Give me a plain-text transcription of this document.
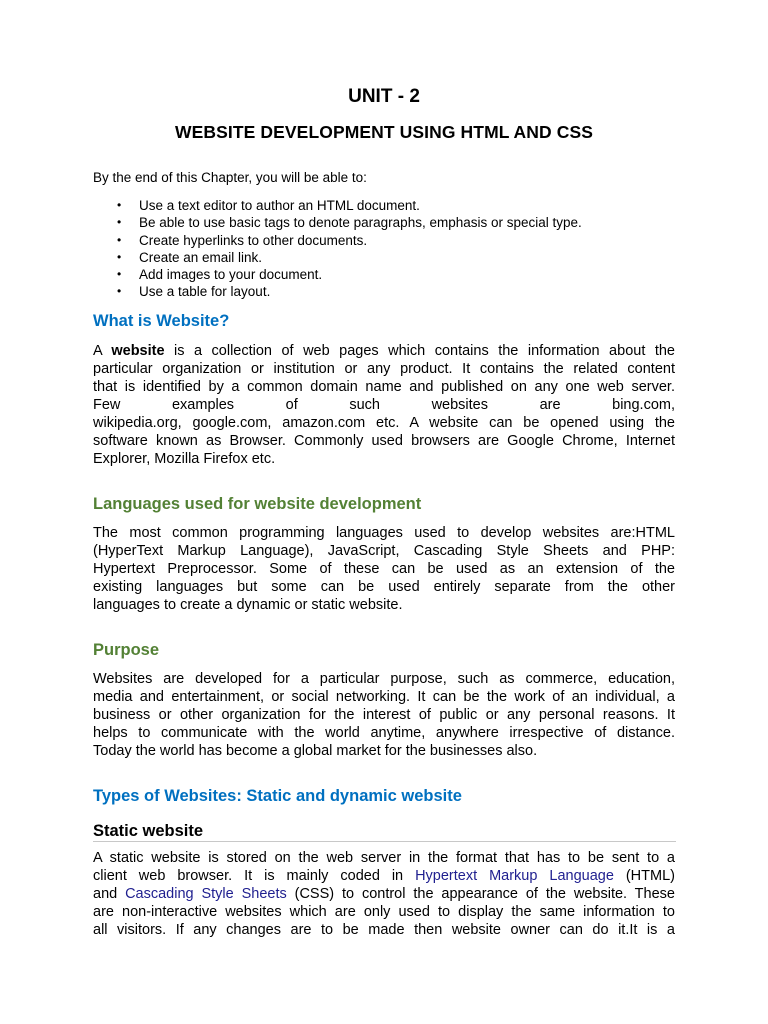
UNIT - 2

WEBSITE DEVELOPMENT USING HTML AND CSS

By the end of this Chapter, you will be able to:

• Use a text editor to author an HTML document.
• Be able to use basic tags to denote paragraphs, emphasis or special type.
• Create hyperlinks to other documents.
• Create an email link.
• Add images to your document.
• Use a table for layout.

What is Website?

A website is a collection of web pages which contains the information about the
particular organization or institution or any product. It contains the related content
that is identified by a common domain name and published on any one web server.
Few examples of such websites are bing.com,
wikipedia.org, google.com, amazon.com etc. A website can be opened using the
software known as Browser. Commonly used browsers are Google Chrome, Internet
Explorer, Mozilla Firefox etc.

Languages used for website development

The most common programming languages used to develop websites are:HTML
(HyperText Markup Language), JavaScript, Cascading Style Sheets and PHP:
Hypertext Preprocessor. Some of these can be used as an extension of the
existing languages but some can be used entirely separate from the other
languages to create a dynamic or static website.

Purpose

Websites are developed for a particular purpose, such as commerce, education,
media and entertainment, or social networking. It can be the work of an individual, a
business or other organization for the interest of public or any personal reasons. It
helps to communicate with the world anytime, anywhere irrespective of distance.
Today the world has become a global market for the businesses also.

Types of Websites: Static and dynamic website

Static website

A static website is stored on the web server in the format that has to be sent to a
client web browser. It is mainly coded in Hypertext Markup Language (HTML)
and Cascading Style Sheets (CSS) to control the appearance of the website. These
are non-interactive websites which are only used to display the same information to
all visitors. If any changes are to be made then website owner can do it.It is a
